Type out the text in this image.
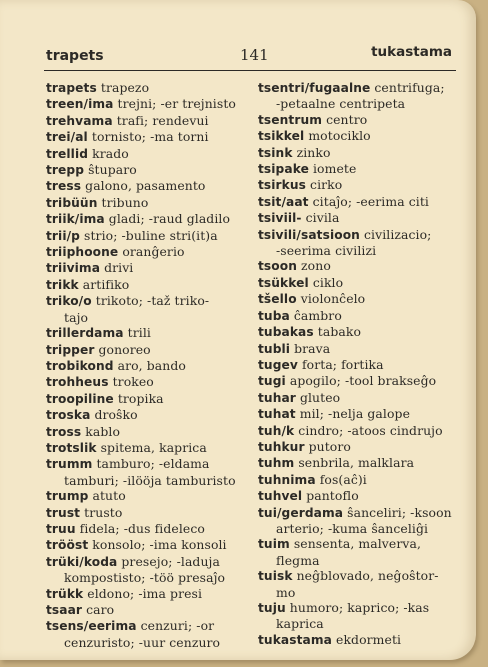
trapets	141	tukastama
trapets trapezo
treen/ima trejni; -er trejnisto
trehvama trafi; rendevui
trei/al tornisto; -ma torni
trellid krado
trepp ŝtuparo
tress galono, pasamento
tribüün tribuno
triik/ima gladi; -raud gladilo
trii/p strio; -buline stri(it)a
triiphoone oranĝerio
triivima drivi
trikk artifiko
triko/o trikoto; -taž triko-
tajo
trillerdama trili
tripper gonoreo
trobikond aro, bando
trohheus trokeo
troopiline tropika
troska droŝko
tross kablo
trotslik spitema, kaprica
trumm tamburo; -eldama
tamburi; -ilööja tamburisto
trump atuto
trust trusto
truu fidela; -dus fideleco
trööst konsolo; -ima konsoli
trüki/koda presejo; -laduja
kompostisto; -töö presaĵo
trükk eldono; -ima presi
tsaar caro
tsens/eerima cenzuri; -or
cenzuristo; -uur cenzuro
tsentri/fugaalne centrifuga;
-petaalne centripeta
tsentrum centro
tsikkel motociklo
tsink zinko
tsipake iomete
tsirkus cirko
tsit/aat citaĵo; -eerima citi
tsiviil- civila
tsivili/satsioon civilizacio;
-seerima civilizi
tsoon zono
tsükkel ciklo
tšello violonĉelo
tuba ĉambro
tubakas tabako
tubli brava
tugev forta; fortika
tugi apogilo; -tool brakseĝo
tuhar gluteo
tuhat mil; -nelja galope
tuh/k cindro; -atoos cindrujo
tuhkur putoro
tuhm senbrila, malklara
tuhnima fos(aĉ)i
tuhvel pantoflo
tui/gerdama ŝanceliri; -ksoon
arterio; -kuma ŝanceliĝi
tuim sensenta, malverva,
flegma
tuisk neĝblovado, neĝoŝtor-
mo
tuju humoro; kaprico; -kas
kaprica
tukastama ekdormeti
